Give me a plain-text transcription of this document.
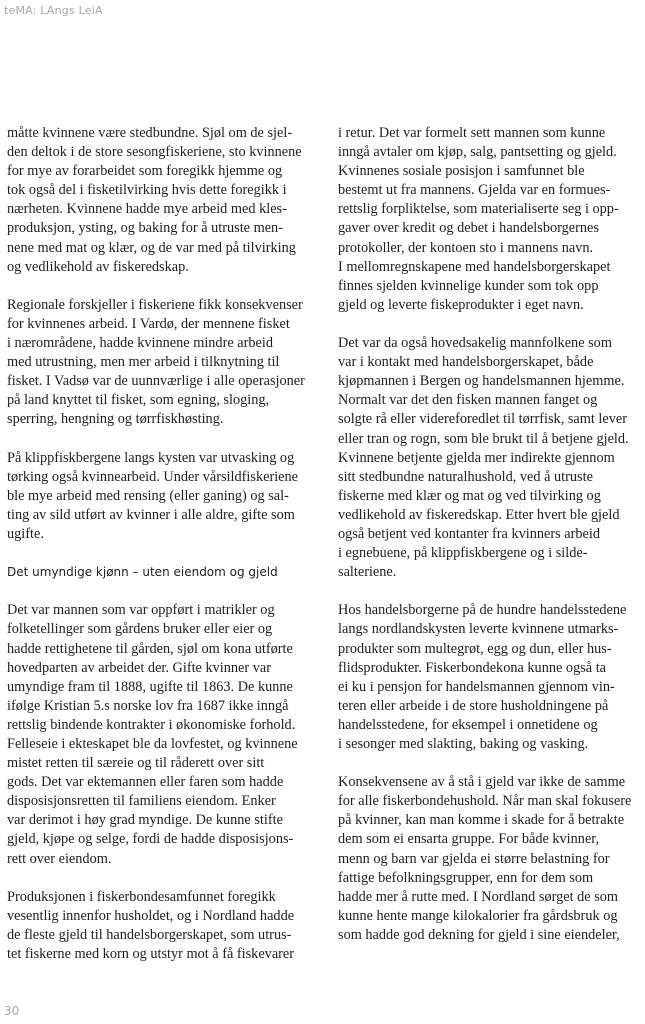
teMA: LAngs LeiA
måtte kvinnene være stedbundne. Sjøl om de sjel-
den deltok i de store sesongfiskeriene, sto kvinnene
for mye av forarbeidet som foregikk hjemme og
tok også del i fisketilvirking hvis dette foregikk i
nærheten. Kvinnene hadde mye arbeid med kles-
produksjon, ysting, og baking for å utruste men-
nene med mat og klær, og de var med på tilvirking
og vedlikehold av fiskeredskap.
Regionale forskjeller i fiskeriene fikk konsekvenser
for kvinnenes arbeid. I Vardø, der mennene fisket
i nærområdene, hadde kvinnene mindre arbeid
med utrustning, men mer arbeid i tilknytning til
fisket. I Vadsø var de uunnværlige i alle operasjoner
på land knyttet til fisket, som egning, sloging,
sperring, hengning og tørrfiskhøsting.
På klippfiskbergene langs kysten var utvasking og
tørking også kvinnearbeid. Under vårsildfiskeriene
ble mye arbeid med rensing (eller ganing) og sal-
ting av sild utført av kvinner i alle aldre, gifte som
ugifte.
Det umyndige kjønn – uten eiendom og gjeld
Det var mannen som var oppført i matrikler og
folketellinger som gårdens bruker eller eier og
hadde rettighetene til gården, sjøl om kona utførte
hovedparten av arbeidet der. Gifte kvinner var
umyndige fram til 1888, ugifte til 1863. De kunne
ifølge Kristian 5.s norske lov fra 1687 ikke inngå
rettslig bindende kontrakter i økonomiske forhold.
Felleseie i ekteskapet ble da lovfestet, og kvinnene
mistet retten til særeie og til råderett over sitt
gods. Det var ektemannen eller faren som hadde
disposisjonsretten til familiens eiendom. Enker
var derimot i høy grad myndige. De kunne stifte
gjeld, kjøpe og selge, fordi de hadde disposisjons-
rett over eiendom.
Produksjonen i fiskerbondesamfunnet foregikk
vesentlig innenfor husholdet, og i Nordland hadde
de fleste gjeld til handelsborgerskapet, som utrus-
tet fiskerne med korn og utstyr mot å få fiskevarer
i retur. Det var formelt sett mannen som kunne
inngå avtaler om kjøp, salg, pantsetting og gjeld.
Kvinnenes sosiale posisjon i samfunnet ble
bestemt ut fra mannens. Gjelda var en formues-
rettslig forpliktelse, som materialiserte seg i opp-
gaver over kredit og debet i handelsborgernes
protokoller, der kontoen sto i mannens navn.
I mellomregnskapene med handelsborgerskapet
finnes sjelden kvinnelige kunder som tok opp
gjeld og leverte fiskeprodukter i eget navn.
Det var da også hovedsakelig mannfolkene som
var i kontakt med handelsborgerskapet, både
kjøpmannen i Bergen og handelsmannen hjemme.
Normalt var det den fisken mannen fanget og
solgte rå eller videreforedlet til tørrfisk, samt lever
eller tran og rogn, som ble brukt til å betjene gjeld.
Kvinnene betjente gjelda mer indirekte gjennom
sitt stedbundne naturalhushold, ved å utruste
fiskerne med klær og mat og ved tilvirking og
vedlikehold av fiskeredskap. Etter hvert ble gjeld
også betjent ved kontanter fra kvinners arbeid
i egnebuene, på klippfiskbergene og i silde-
salteriene.
Hos handelsborgerne på de hundre handelsstedene
langs nordlandskysten leverte kvinnene utmarks-
produkter som multegrøt, egg og dun, eller hus-
flidsprodukter. Fiskerbondekona kunne også ta
ei ku i pensjon for handelsmannen gjennom vin-
teren eller arbeide i de store husholdningene på
handelsstedene, for eksempel i onnetidene og
i sesonger med slakting, baking og vasking.
Konsekvensene av å stå i gjeld var ikke de samme
for alle fiskerbondehushold. Når man skal fokusere
på kvinner, kan man komme i skade for å betrakte
dem som ei ensarta gruppe. For både kvinner,
menn og barn var gjelda ei større belastning for
fattige befolkningsgrupper, enn for dem som
hadde mer å rutte med. I Nordland sørget de som
kunne hente mange kilokalorier fra gårdsbruk og
som hadde god dekning for gjeld i sine eiendeler,
30
